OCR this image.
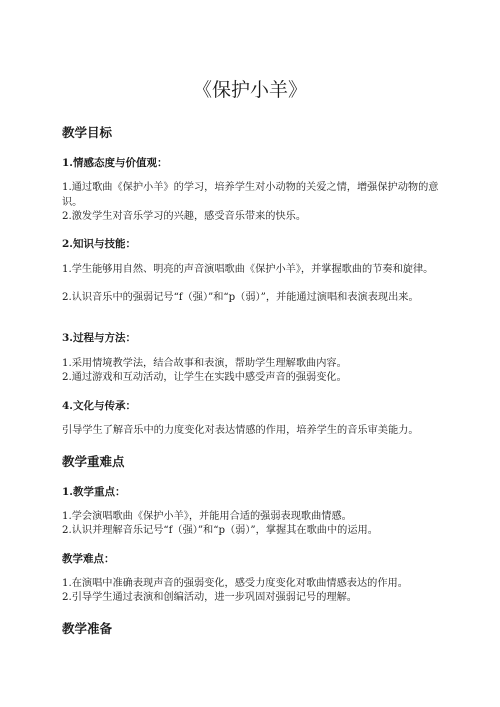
《保护小羊》
教学目标
1.情感态度与价值观：

1.通过歌曲《保护小羊》的学习，培养学生对小动物的关爱之情，增强保护动物的意识。

2.激发学生对音乐学习的兴趣，感受音乐带来的快乐。

2.知识与技能：

1.学生能够用自然、明亮的声音演唱歌曲《保护小羊》，并掌握歌曲的节奏和旋律。

2.认识音乐中的强弱记号“f（强）”和“p（弱）”，并能通过演唱和表演表现出来。

3.过程与方法：

1.采用情境教学法，结合故事和表演，帮助学生理解歌曲内容。

2.通过游戏和互动活动，让学生在实践中感受声音的强弱变化。

4.文化与传承：

引导学生了解音乐中的力度变化对表达情感的作用，培养学生的音乐审美能力。

教学重难点
1.教学重点：

1.学会演唱歌曲《保护小羊》，并能用合适的强弱表现歌曲情感。

2.认识并理解音乐记号“f（强）”和“p（弱）”，掌握其在歌曲中的运用。

教学难点：

1.在演唱中准确表现声音的强弱变化，感受力度变化对歌曲情感表达的作用。

2.引导学生通过表演和创编活动，进一步巩固对强弱记号的理解。

教学准备
